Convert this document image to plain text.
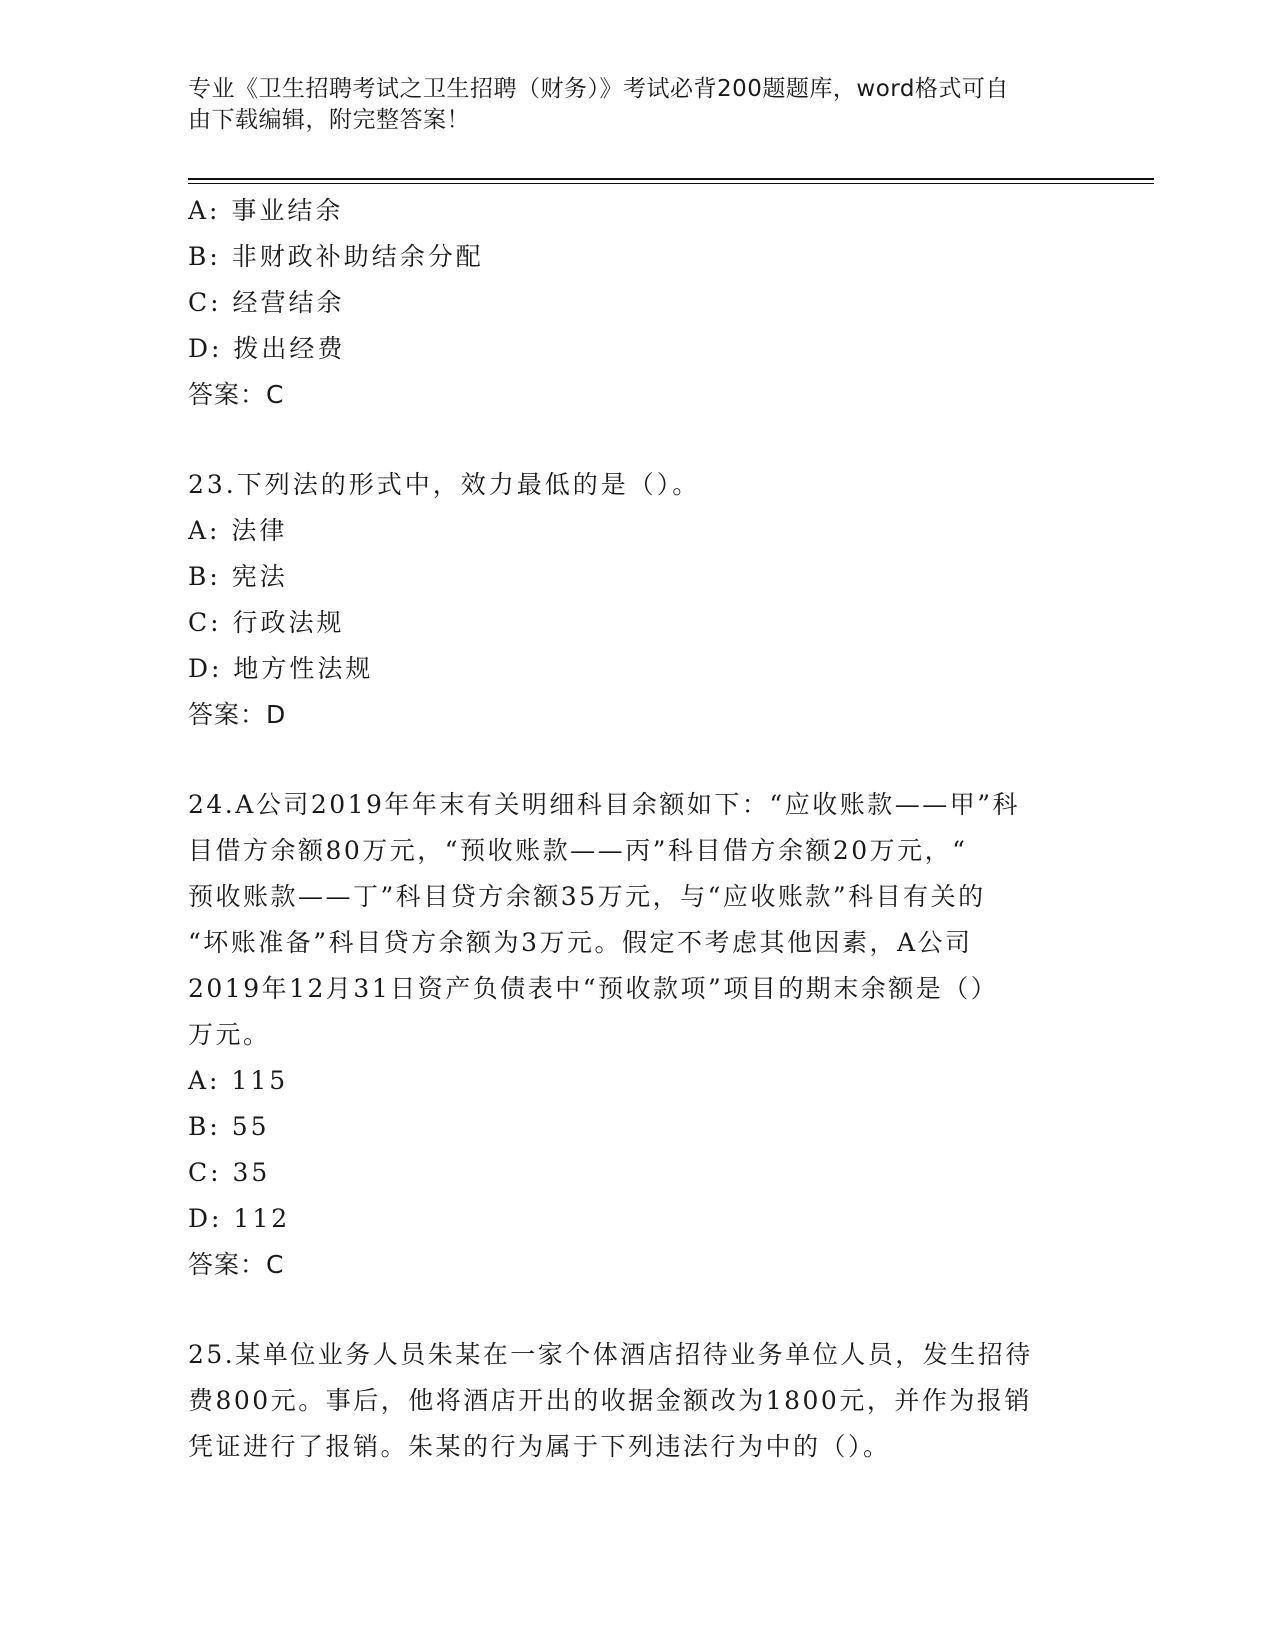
专业《卫生招聘考试之卫生招聘（财务）》考试必背200题题库，word格式可自
由下载编辑，附完整答案！
A: 事业结余
B: 非财政补助结余分配
C: 经营结余
D: 拨出经费
答案：C
23.下列法的形式中，效力最低的是（）。
A: 法律
B: 宪法
C: 行政法规
D: 地方性法规
答案：D
24.A公司2019年年末有关明细科目余额如下：“应收账款——甲”科
目借方余额80万元，“预收账款——丙”科目借方余额20万元，“
预收账款——丁”科目贷方余额35万元，与“应收账款”科目有关的
“坏账准备”科目贷方余额为3万元。假定不考虑其他因素，A公司
2019年12月31日资产负债表中“预收款项”项目的期末余额是（）
万元。
A: 115
B: 55
C: 35
D: 112
答案：C
25.某单位业务人员朱某在一家个体酒店招待业务单位人员，发生招待
费800元。事后，他将酒店开出的收据金额改为1800元，并作为报销
凭证进行了报销。朱某的行为属于下列违法行为中的（）。
